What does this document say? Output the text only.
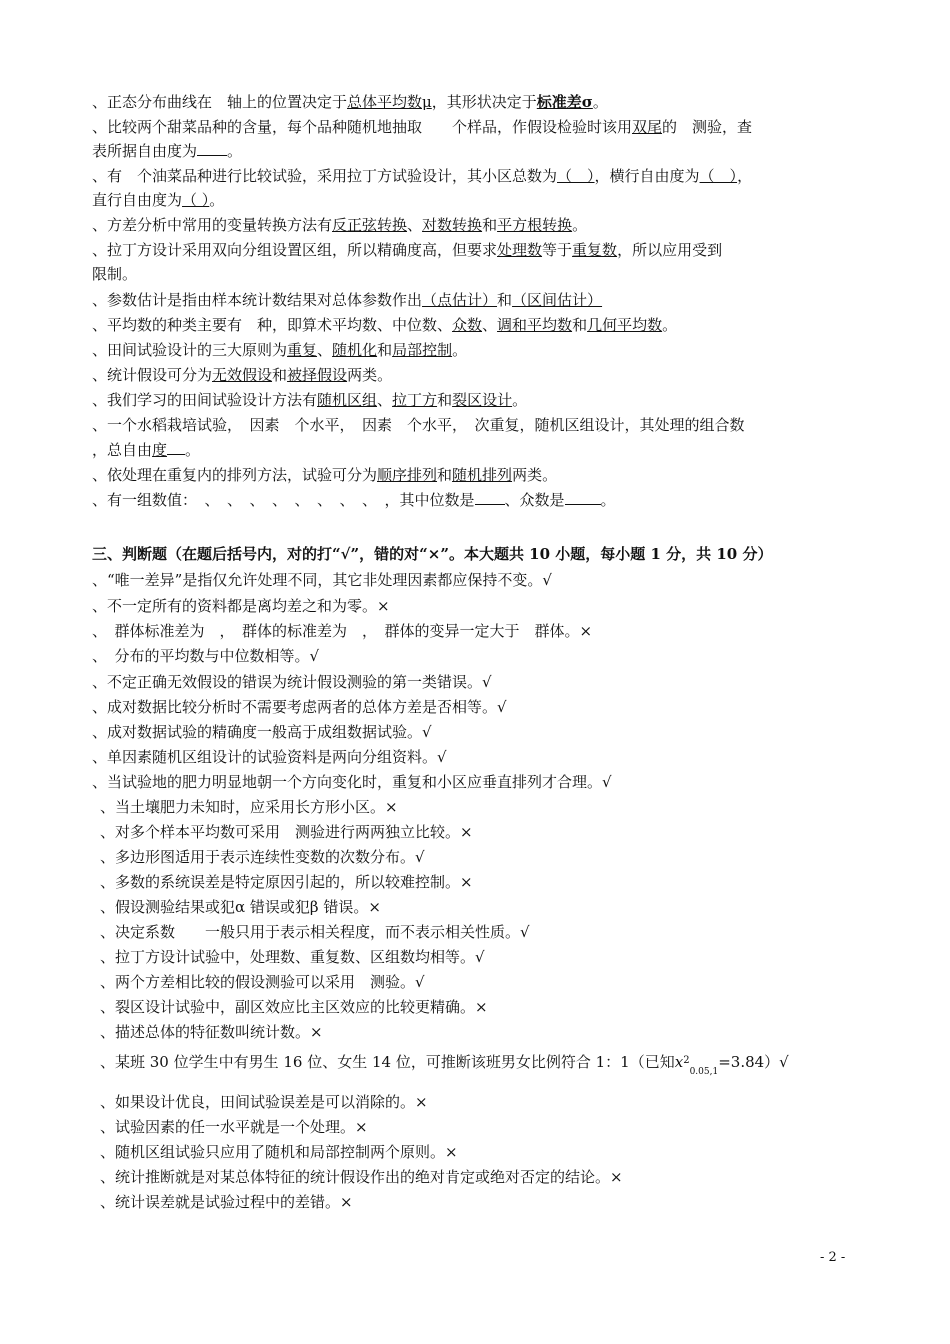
、正态分布曲线在　轴上的位置决定于总体平均数μ，其形状决定于标准差σ。
、比较两个甜菜品种的含量，每个品种随机地抽取　　个样品，作假设检验时该用双尾的　测验，查
表所据自由度为 。
、有　个油菜品种进行比较试验，采用拉丁方试验设计，其小区总数为（　），横行自由度为（　），
直行自由度为（ ）。
、方差分析中常用的变量转换方法有反正弦转换、对数转换和平方根转换。
、拉丁方设计采用双向分组设置区组，所以精确度高，但要求处理数等于重复数，所以应用受到
限制。
、参数估计是指由样本统计数结果对总体参数作出（点估计）和（区间估计）
、平均数的种类主要有　种，即算术平均数、中位数、众数、调和平均数和几何平均数。
、田间试验设计的三大原则为重复、随机化和局部控制。
、统计假设可分为无效假设和被择假设两类。
、我们学习的田间试验设计方法有随机区组、拉丁方和裂区设计。
、一个水稻栽培试验，　因素　个水平，　因素　个水平，　次重复，随机区组设计，其处理的组合数
，总自由度 。
、依处理在重复内的排列方法，试验可分为顺序排列和随机排列两类。
、有一组数值：　、　、　、　、　、　、　、　、　，其中位数是 、众数是 。
三、判断题（在题后括号内，对的打“√”，错的对“×”。本大题共 10 小题，每小题 1 分，共 10 分）
、“唯一差异”是指仅允许处理不同，其它非处理因素都应保持不变。√
、不一定所有的资料都是离均差之和为零。×
、　群体标准差为　，　群体的标准差为　，　群体的变异一定大于　群体。×
、　分布的平均数与中位数相等。√
、不定正确无效假设的错误为统计假设测验的第一类错误。√
、成对数据比较分析时不需要考虑两者的总体方差是否相等。√
、成对数据试验的精确度一般高于成组数据试验。√
、单因素随机区组设计的试验资料是两向分组资料。√
、当试验地的肥力明显地朝一个方向变化时，重复和小区应垂直排列才合理。√
、当土壤肥力未知时，应采用长方形小区。×
、对多个样本平均数可采用　测验进行两两独立比较。×
、多边形图适用于表示连续性变数的次数分布。√
、多数的系统误差是特定原因引起的，所以较难控制。×
、假设测验结果或犯α 错误或犯β 错误。×
、决定系数　　一般只用于表示相关程度，而不表示相关性质。√
、拉丁方设计试验中，处理数、重复数、区组数均相等。√
、两个方差相比较的假设测验可以采用　测验。√
、裂区设计试验中，副区效应比主区效应的比较更精确。×
、描述总体的特征数叫统计数。×
、某班 30 位学生中有男生 16 位、女生 14 位，可推断该班男女比例符合 1：1（已知$x^2_{0.05,1}=3.84)√$
、如果设计优良，田间试验误差是可以消除的。×
、试验因素的任一水平就是一个处理。×
、随机区组试验只应用了随机和局部控制两个原则。×
、统计推断就是对某总体特征的统计假设作出的绝对肯定或绝对否定的结论。×
、统计误差就是试验过程中的差错。×
- 2 -
